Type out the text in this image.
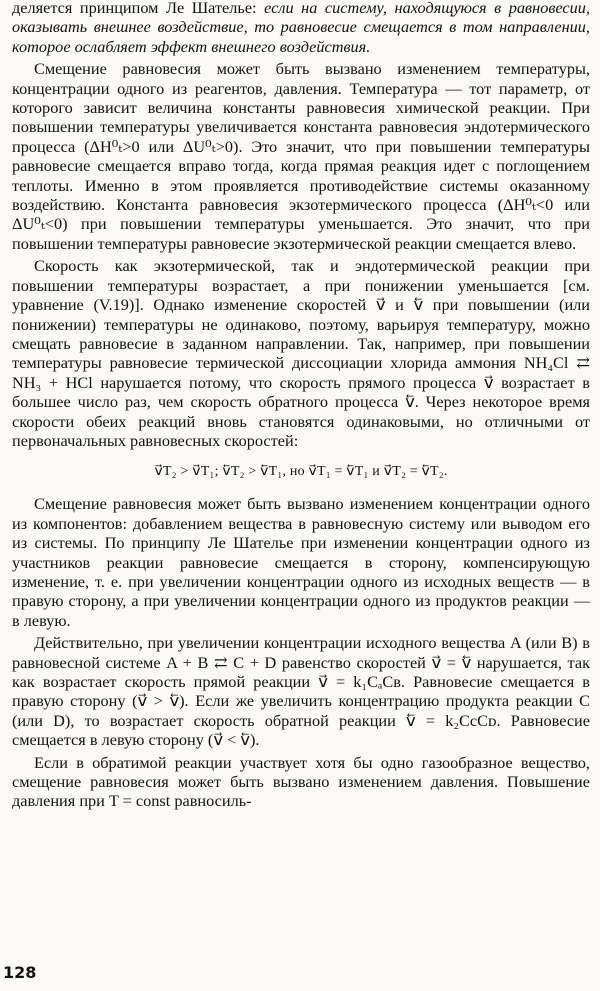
деляется принципом Ле Шателье: если на систему, находящуюся в равновесии, оказывать внешнее воздействие, то равновесие смещается в том направлении, которое ослабляет эффект внешнего воздействия.

Смещение равновесия может быть вызвано изменением температуры, концентрации одного из реагентов, давления. Температура — тот параметр, от которого зависит величина константы равновесия химической реакции. При повышении температуры увеличивается константа равновесия эндотермического процесса (ΔH⁰ₜ>0 или ΔU⁰ₜ>0). Это значит, что при повышении температуры равновесие смещается вправо тогда, когда прямая реакция идет с поглощением теплоты. Именно в этом проявляется противодействие системы оказанному воздействию. Константа равновесия экзотермического процесса (ΔH⁰ₜ<0 или ΔU⁰ₜ<0) при повышении температуры уменьшается. Это значит, что при повышении температуры равновесие экзотермической реакции смещается влево.

Скорость как экзотермической, так и эндотермической реакции при повышении температуры возрастает, а при понижении уменьшается [см. уравнение (V.19)]. Однако изменение скоростей v⃗ и v⃖ при повышении (или понижении) температуры не одинаково, поэтому, варьируя температуру, можно смещать равновесие в заданном направлении. Так, например, при повышении температуры равновесие термической диссоциации хлорида аммония NH₄Cl ⇄ NH₃ + HCl нарушается потому, что скорость прямого процесса v⃗ возрастает в большее число раз, чем скорость обратного процесса v⃖. Через некоторое время скорости обеих реакций вновь становятся одинаковыми, но отличными от первоначальных равновесных скоростей:

v⃗T₂ > v⃗T₁; v⃖T₂ > v⃖T₁, но v⃗T₁ = v⃖T₁ и v⃗T₂ = v⃖T₂.

Смещение равновесия может быть вызвано изменением концентрации одного из компонентов: добавлением вещества в равновесную систему или выводом его из системы. По принципу Ле Шателье при изменении концентрации одного из участников реакции равновесие смещается в сторону, компенсирующую изменение, т. е. при увеличении концентрации одного из исходных веществ — в правую сторону, а при увеличении концентрации одного из продуктов реакции — в левую.

Действительно, при увеличении концентрации исходного вещества A (или B) в равновесной системе A + B ⇄ C + D равенство скоростей v⃗ = v⃖ нарушается, так как возрастает скорость прямой реакции v⃗ = k₁CₐCв. Равновесие смещается в правую сторону (v⃗ > v⃖). Если же увеличить концентрацию продукта реакции C (или D), то возрастает скорость обратной реакции v⃖ = k₂CcCᴅ. Равновесие смещается в левую сторону (v⃗ < v⃖).

Если в обратимой реакции участвует хотя бы одно газообразное вещество, смещение равновесия может быть вызвано изменением давления. Повышение давления при T = const равносиль-

128
